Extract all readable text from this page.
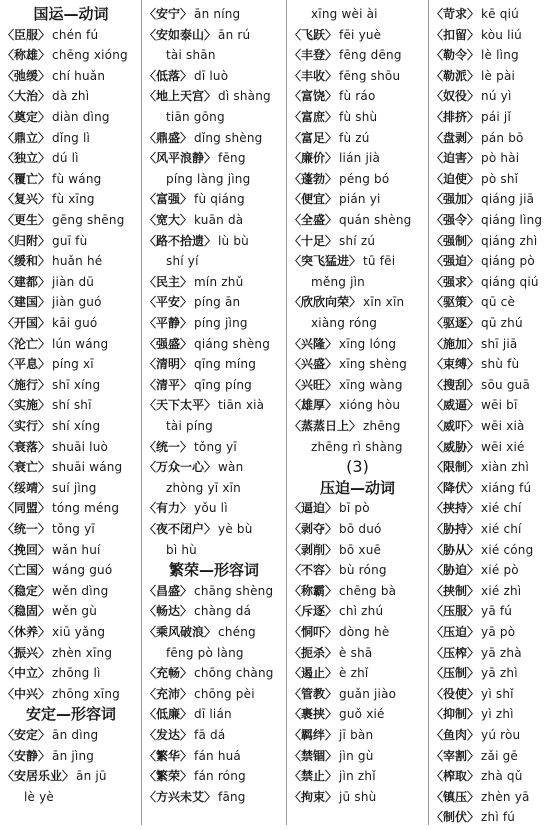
国运—动词
〈臣服〉 chén fú
〈称雄〉 chēng xióng
〈弛缓〉 chí huǎn
〈大治〉 dà zhì
〈奠定〉 diàn dìng
〈鼎立〉 dǐng lì
〈独立〉 dú lì
〈覆亡〉 fù wáng
〈复兴〉 fù xīng
〈更生〉 gēng shēng
〈归附〉 guī fù
〈缓和〉 huǎn hé
〈建都〉 jiàn dū
〈建国〉 jiàn guó
〈开国〉 kāi guó
〈沦亡〉 lún wáng
〈平息〉 píng xī
〈施行〉 shī xíng
〈实施〉 shí shī
〈实行〉 shí xíng
〈衰落〉 shuāi luò
〈衰亡〉 shuāi wáng
〈绥靖〉 suí jìng
〈同盟〉 tóng méng
〈统一〉 tǒng yī
〈挽回〉 wǎn huí
〈亡国〉 wáng guó
〈稳定〉 wěn dìng
〈稳固〉 wěn gù
〈休养〉 xiū yǎng
〈振兴〉 zhèn xīng
〈中立〉 zhōng lì
〈中兴〉 zhōng xīng
安定—形容词
〈安定〉 ān dìng
〈安静〉 ān jìng
〈安居乐业〉 ān jū
lè yè
〈安宁〉 ān níng
〈安如泰山〉 ān rú
tài shān
〈低落〉 dī luò
〈地上天宫〉 dì shàng
tiān gōng
〈鼎盛〉 dǐng shèng
〈风平浪静〉 fēng
píng làng jìng
〈富强〉 fù qiáng
〈宽大〉 kuān dà
〈路不拾遗〉 lù bù
shí yí
〈民主〉 mín zhǔ
〈平安〉 píng ān
〈平静〉 píng jìng
〈强盛〉 qiáng shèng
〈清明〉 qīng míng
〈清平〉 qīng píng
〈天下太平〉 tiān xià
tài píng
〈统一〉 tǒng yī
〈万众一心〉 wàn
zhòng yī xīn
〈有力〉 yǒu lì
〈夜不闭户〉 yè bù
bì hù
繁荣—形容词
〈昌盛〉 chāng shèng
〈畅达〉 chàng dá
〈乘风破浪〉 chéng
fēng pò làng
〈充畅〉 chōng chàng
〈充沛〉 chōng pèi
〈低廉〉 dī lián
〈发达〉 fā dá
〈繁华〉 fán huá
〈繁荣〉 fán róng
〈方兴未艾〉 fāng
xīng wèi ài
〈飞跃〉 fēi yuè
〈丰登〉 fēng dēng
〈丰收〉 fēng shōu
〈富饶〉 fù ráo
〈富庶〉 fù shù
〈富足〉 fù zú
〈廉价〉 lián jià
〈蓬勃〉 péng bó
〈便宜〉 pián yi
〈全盛〉 quán shèng
〈十足〉 shí zú
〈突飞猛进〉 tū fēi
měng jìn
〈欣欣向荣〉 xīn xīn
xiàng róng
〈兴隆〉 xīng lóng
〈兴盛〉 xīng shèng
〈兴旺〉 xīng wàng
〈雄厚〉 xióng hòu
〈蒸蒸日上〉 zhēng
zhēng rì shàng
(3)
压迫—动词
〈逼迫〉 bī pò
〈剥夺〉 bō duó
〈剥削〉 bō xuē
〈不容〉 bù róng
〈称霸〉 chēng bà
〈斥逐〉 chì zhú
〈恫吓〉 dòng hè
〈扼杀〉 è shā
〈遏止〉 è zhǐ
〈管教〉 guǎn jiào
〈裹挟〉 guǒ xié
〈羁绊〉 jī bàn
〈禁锢〉 jìn gù
〈禁止〉 jìn zhǐ
〈拘束〉 jū shù
〈苛求〉 kē qiú
〈扣留〉 kòu liú
〈勒令〉 lè lìng
〈勒派〉 lè pài
〈奴役〉 nú yì
〈排挤〉 pái jǐ
〈盘剥〉 pán bō
〈迫害〉 pò hài
〈迫使〉 pò shǐ
〈强加〉 qiáng jiā
〈强令〉 qiáng lìng
〈强制〉 qiáng zhì
〈强迫〉 qiáng pò
〈强求〉 qiáng qiú
〈驱策〉 qū cè
〈驱逐〉 qū zhú
〈施加〉 shī jiā
〈束缚〉 shù fù
〈搜刮〉 sōu guā
〈威逼〉 wēi bī
〈威吓〉 wēi xià
〈威胁〉 wēi xié
〈限制〉 xiàn zhì
〈降伏〉 xiáng fú
〈挟持〉 xié chí
〈胁持〉 xié chí
〈胁从〉 xié cóng
〈胁迫〉 xié pò
〈挟制〉 xié zhì
〈压服〉 yā fú
〈压迫〉 yā pò
〈压榨〉 yā zhà
〈压制〉 yā zhì
〈役使〉 yì shǐ
〈抑制〉 yì zhì
〈鱼肉〉 yú ròu
〈宰割〉 zǎi gē
〈榨取〉 zhà qǔ
〈镇压〉 zhèn yā
〈制伏〉 zhì fú
